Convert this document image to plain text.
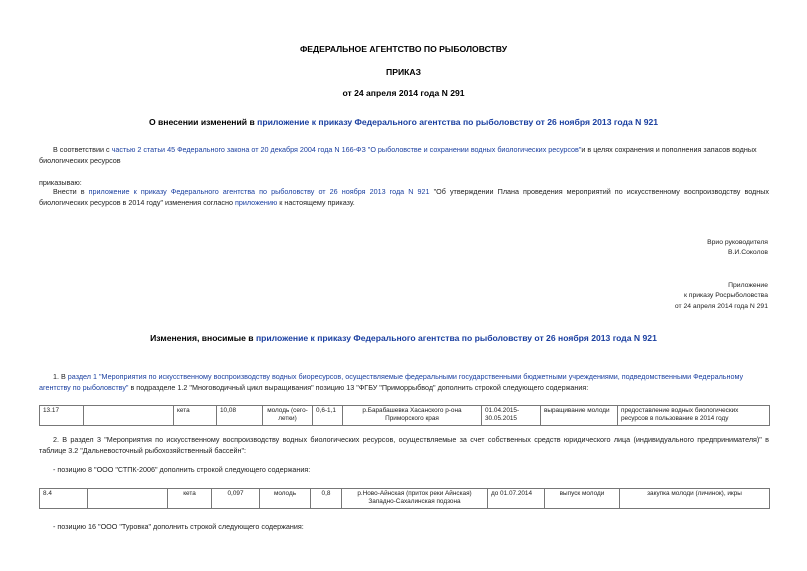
ФЕДЕРАЛЬНОЕ АГЕНТСТВО ПО РЫБОЛОВСТВУ
ПРИКАЗ
от 24 апреля 2014 года N 291
О внесении изменений в приложение к приказу Федерального агентства по рыболовству от 26 ноября 2013 года N 921
В соответствии с частью 2 статьи 45 Федерального закона от 20 декабря 2004 года N 166-ФЗ "О рыболовстве и сохранении водных биологических ресурсов"и в целях сохранения и пополнения запасов водных биологических ресурсов
приказываю:
Внести в приложение к приказу Федерального агентства по рыболовству от 26 ноября 2013 года N 921 "Об утверждении Плана проведения мероприятий по искусственному воспроизводству водных биологических ресурсов в 2014 году" изменения согласно приложению к настоящему приказу.
Врио руководителя
В.И.Соколов
Приложение
к приказу Росрыболовства
от 24 апреля 2014 года N 291
Изменения, вносимые в приложение к приказу Федерального агентства по рыболовству от 26 ноября 2013 года N 921
1. В раздел 1 "Мероприятия по искусственному воспроизводству водных биоресурсов, осуществляемые федеральными государственными бюджетными учреждениями, подведомственными Федеральному агентству по рыболовству" в подразделе 1.2 "Многоводичный цикл выращивания" позицию 13 "ФГБУ "Приморрыбвод" дополнить строкой следующего содержания:
13.17		кета	10,08	молодь (сего-летки)	0,6-1,1	р.Барабашевка Хасанского р-она Приморского края	01.04.2015-30.05.2015	выращивание молоди	предоставление водных биологических ресурсов в пользование в 2014 году
2. В раздел 3 "Мероприятия по искусственному воспроизводству водных биологических ресурсов, осуществляемые за счет собственных средств юридического лица (индивидуального предпринимателя)" в таблице 3.2 "Дальневосточный рыбохозяйственный бассейн":
- позицию 8 "ООО "СТПК-2006" дополнить строкой следующего содержания:
8.4		кета	0,097	молодь	0,8	р.Ново-Айнская (приток реки Айнская) Западно-Сахалинская подзона	до 01.07.2014	выпуск молоди	закупка молоди (личинок), икры
- позицию 16 "ООО "Туровка" дополнить строкой следующего содержания:
